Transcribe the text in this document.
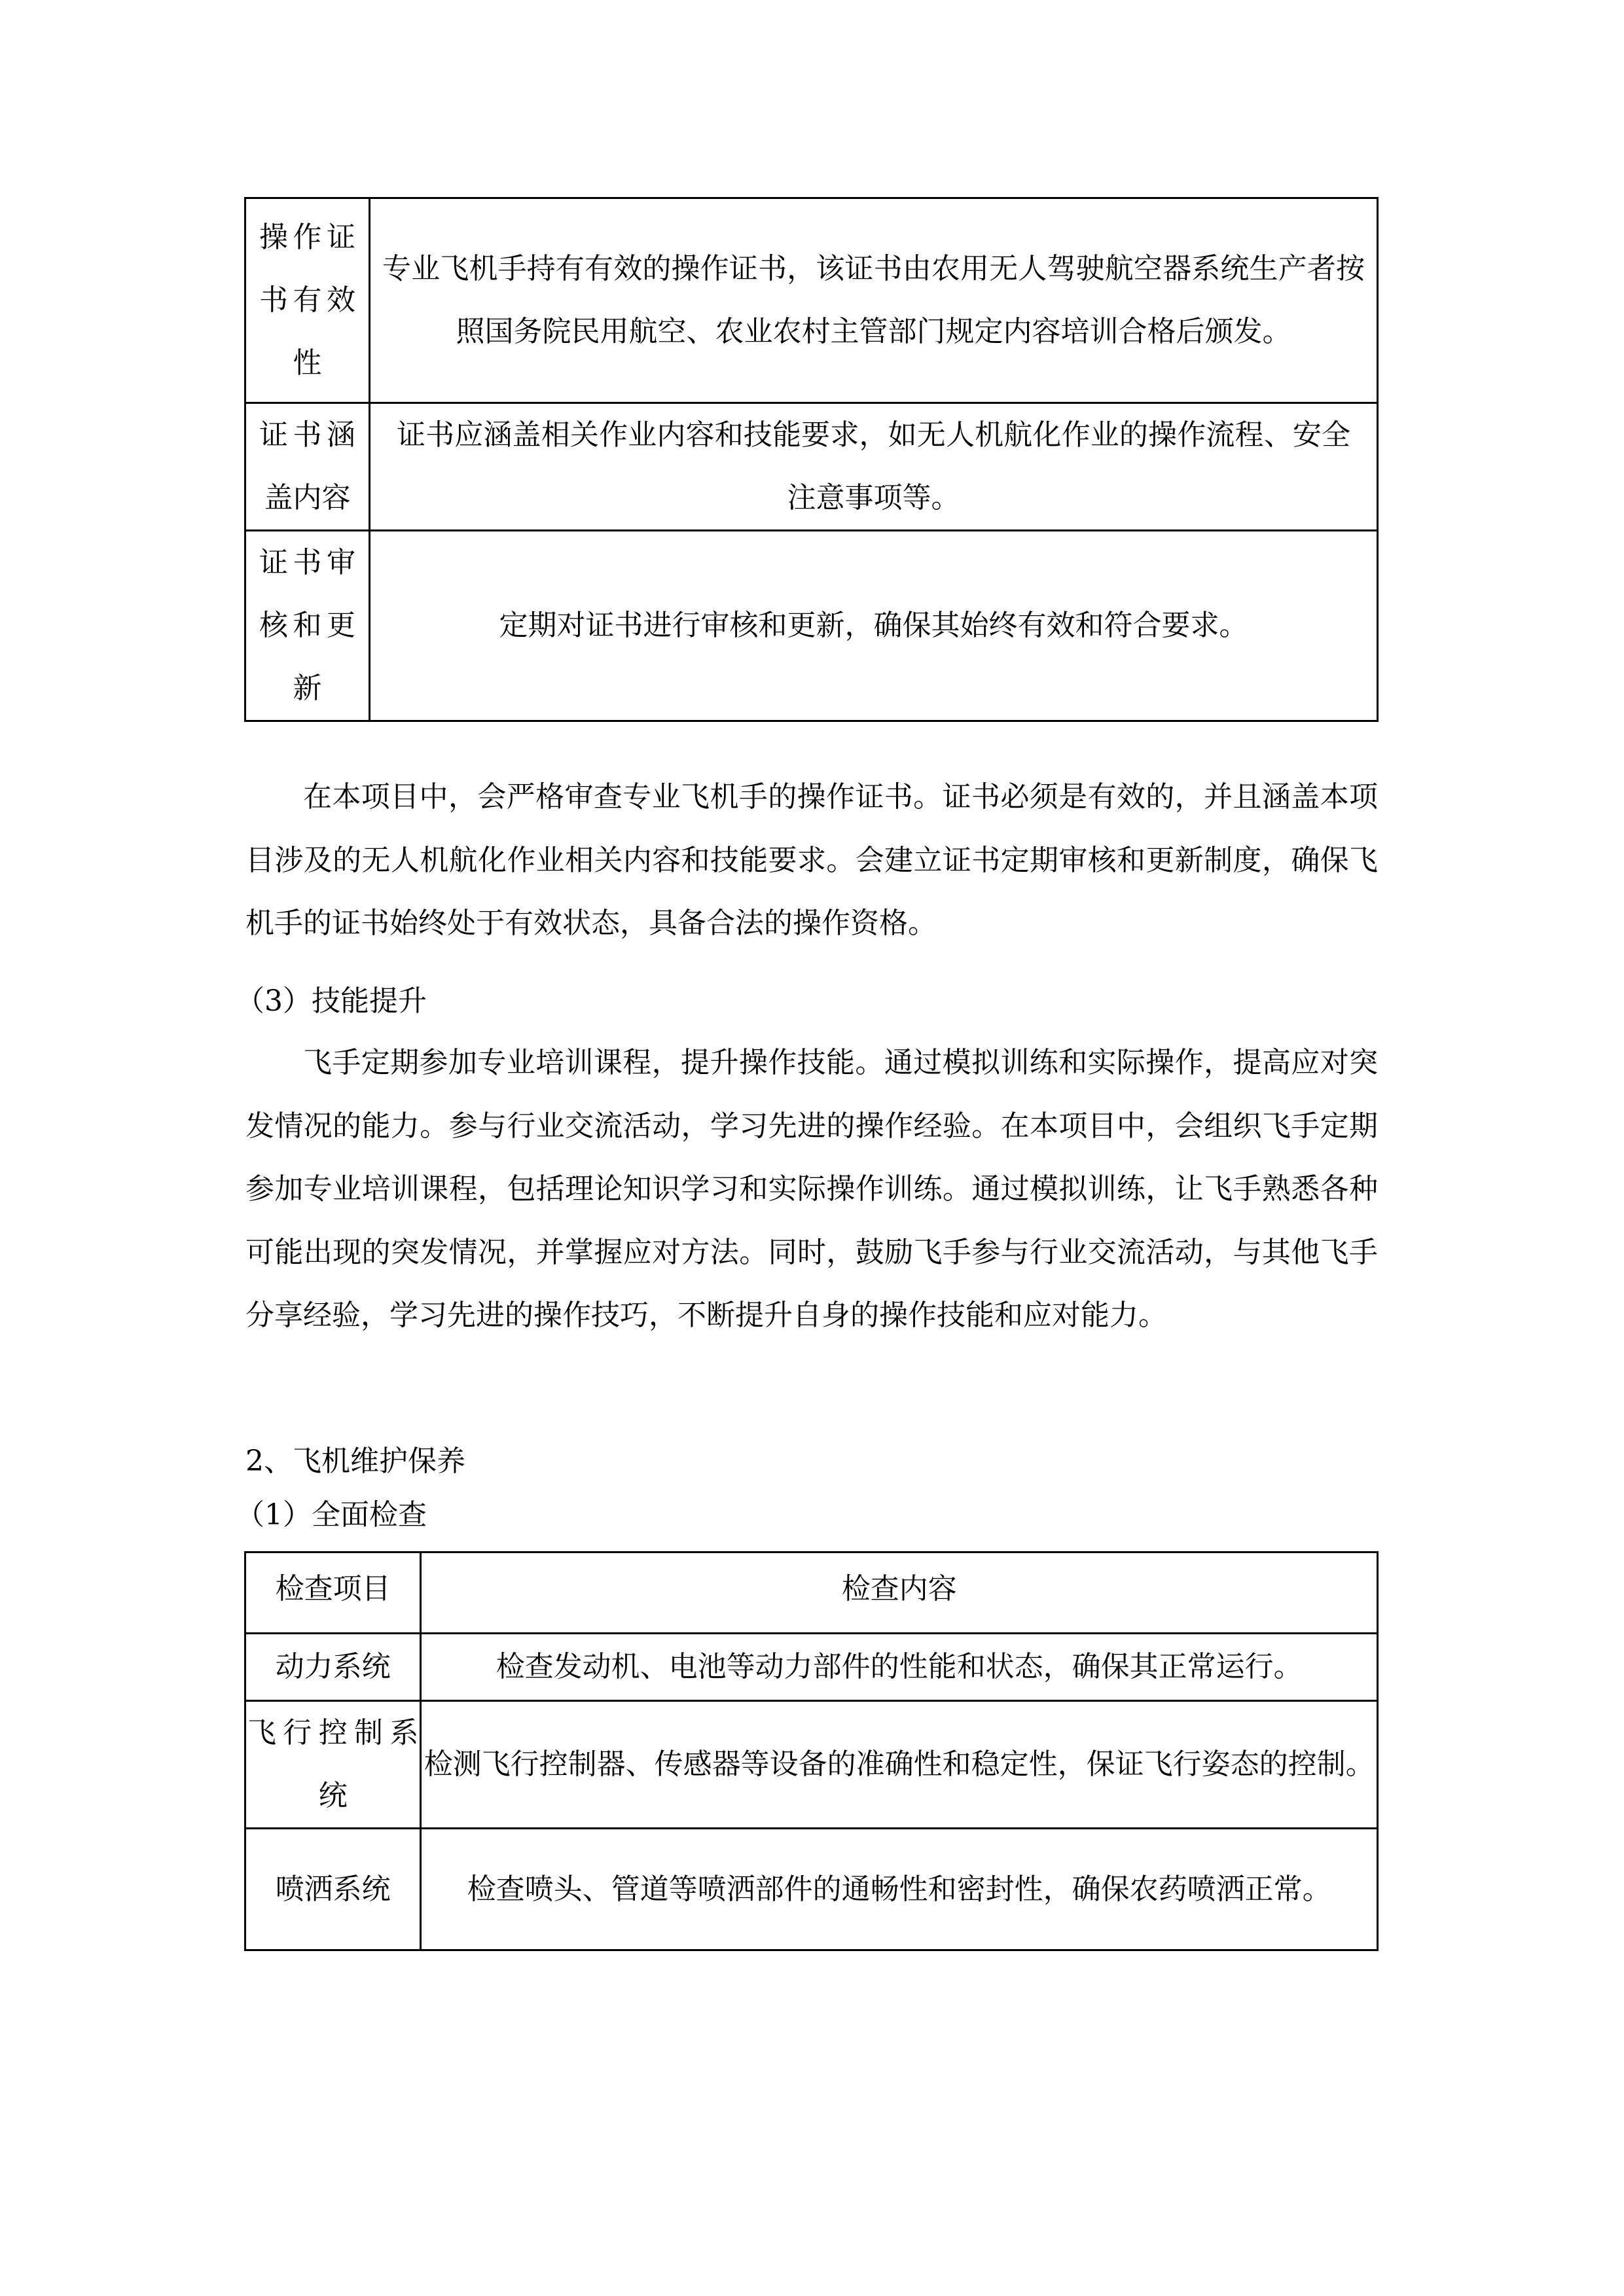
操作证书有效性	专业飞机手持有有效的操作证书，该证书由农用无人驾驶航空器系统生产者按照国务院民用航空、农业农村主管部门规定内容培训合格后颁发。
证书涵盖内容	证书应涵盖相关作业内容和技能要求，如无人机航化作业的操作流程、安全注意事项等。
证书审核和更新	定期对证书进行审核和更新，确保其始终有效和符合要求。

在本项目中，会严格审查专业飞机手的操作证书。证书必须是有效的，并且涵盖本项目涉及的无人机航化作业相关内容和技能要求。会建立证书定期审核和更新制度，确保飞机手的证书始终处于有效状态，具备合法的操作资格。

（3）技能提升

飞手定期参加专业培训课程，提升操作技能。通过模拟训练和实际操作，提高应对突发情况的能力。参与行业交流活动，学习先进的操作经验。在本项目中，会组织飞手定期参加专业培训课程，包括理论知识学习和实际操作训练。通过模拟训练，让飞手熟悉各种可能出现的突发情况，并掌握应对方法。同时，鼓励飞手参与行业交流活动，与其他飞手分享经验，学习先进的操作技巧，不断提升自身的操作技能和应对能力。

2、飞机维护保养

（1）全面检查

检查项目	检查内容
动力系统	检查发动机、电池等动力部件的性能和状态，确保其正常运行。
飞行控制系统	检测飞行控制器、传感器等设备的准确性和稳定性，保证飞行姿态的控制。
喷洒系统	检查喷头、管道等喷洒部件的通畅性和密封性，确保农药喷洒正常。
